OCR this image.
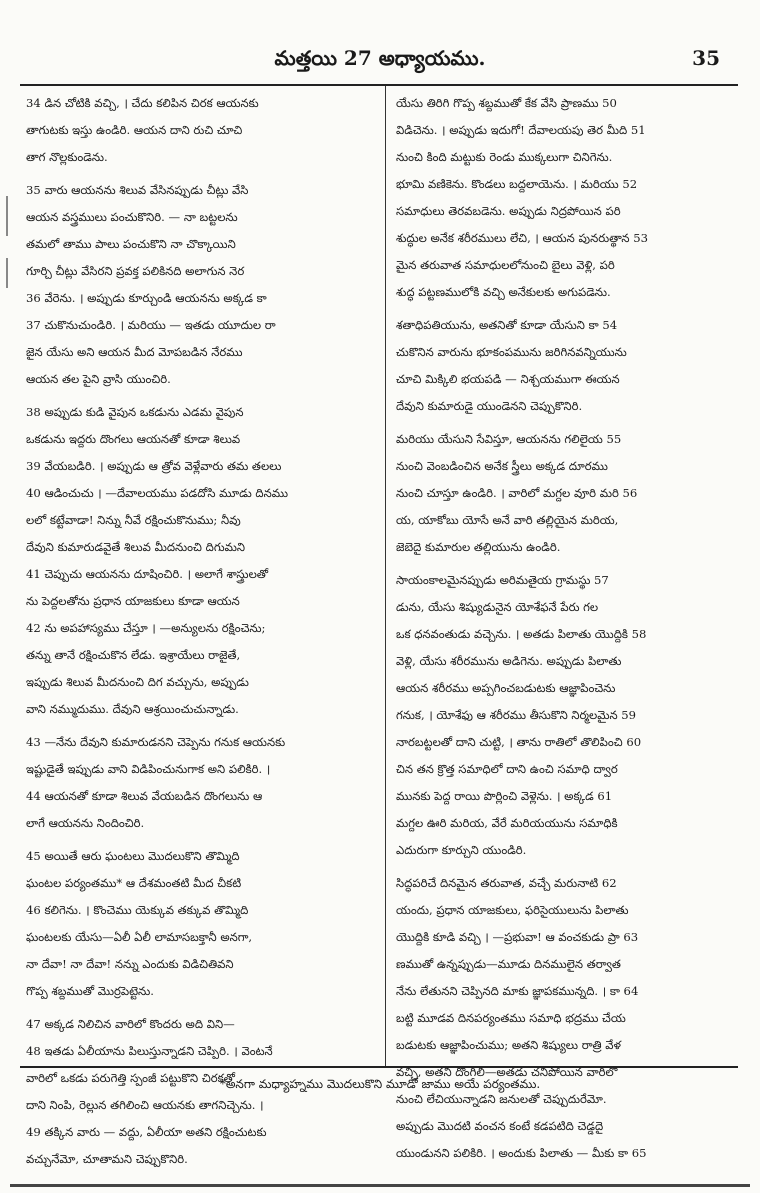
మత్తయి 27 అధ్యాయము.	35
34 డిన చోటికి వచ్చి, । చేదు కలిపిన చిరక ఆయనకు
తాగుటకు ఇస్తు ఉండిరి. ఆయన దాని రుచి చూచి
తాగ నొల్లకుండెను.
35 వారు ఆయనను శిలువ వేసినప్పుడు చీట్లు వేసి
ఆయన వస్త్రములు పంచుకొనిరి. — నా బట్టలను
తమలో తాము పాలు పంచుకొని నా చొక్కాయిని
గూర్చి చీట్లు వేసిరని ప్రవక్త పలికినది అలాగున నెర
36 వేరెను. । అప్పుడు కూర్చుండి ఆయనను అక్కడ కా
37 చుకొనుచుండిరి. । మరియు — ఇతడు యూదుల రా
జైన యేసు అని ఆయన మీద మోపబడిన నేరము
ఆయన తల పైని వ్రాసి యుంచిరి.
38 అప్పుడు కుడి వైపున ఒకడును ఎడమ వైపున
ఒకడును ఇద్దరు దొంగలు ఆయనతో కూడా శిలువ
39 వేయబడిరి. । అప్పుడు ఆ త్రోవ వెళ్లేవారు తమ తలలు
40 ఆడించుచు । —దేవాలయము పడదోసి మూడు దినము
లలో కట్టేవాడా! నిన్ను నీవే రక్షించుకొనుము; నీవు
దేవుని కుమారుడవైతే శిలువ మీదనుంచి దిగుమని
41 చెప్పుచు ఆయనను దూషించిరి. । అలాగే శాస్త్రులతో
ను పెద్దలతోను ప్రధాన యాజకులు కూడా ఆయన
42 ను అపహాస్యము చేస్తూ । —అన్యులను రక్షించెను;
తన్ను తానే రక్షించుకొన లేడు. ఇశ్రాయేలు రాజైతే,
ఇప్పుడు శిలువ మీదనుంచి దిగ వచ్చును, అప్పుడు
వాని నమ్ముదుము. దేవుని ఆశ్రయించుచున్నాడు.
43 —నేను దేవుని కుమారుడనని చెప్పెను గనుక ఆయనకు
ఇష్టుడైతే ఇప్పుడు వాని విడిపించునుగాక అని పలికిరి. ।
44 ఆయనతో కూడా శిలువ వేయబడిన దొంగలును ఆ
లాగే ఆయనను నిందించిరి.
45 అయితే ఆరు ఘంటలు మొదలుకొని తొమ్మిది
ఘంటల పర్యంతము* ఆ దేశమంతటి మీద చీకటి
46 కలిగెను. । కొంచెము యెక్కువ తక్కువ తొమ్మిది
ఘంటలకు యేసు—ఏలీ ఏలీ లామాసబక్తానీ అనగా,
నా దేవా! నా దేవా! నన్ను ఎందుకు విడిచితివని
గొప్ప శబ్దముతో మొర్రపెట్టెను.
47 అక్కడ నిలిచిన వారిలో కొందరు అది విని—
48 ఇతడు ఏలీయాను పిలుస్తున్నాడని చెప్పిరి. । వెంటనే
వారిలో ఒకడు పరుగెత్తి స్పంజీ పట్టుకొని చిరకతో
దాని నింపి, రెల్లున తగిలించి ఆయనకు తాగనిచ్చెను. ।
49 తక్కిన వారు — వద్దు, ఏలీయా అతని రక్షించుటకు
వచ్చునేమో, చూతామని చెప్పుకొనిరి.
యేసు తిరిగి గొప్ప శబ్దముతో కేక వేసి ప్రాణము 50
విడిచెను. । అప్పుడు ఇదుగో! దేవాలయపు తెర మీది 51
నుంచి కింది మట్టుకు రెండు ముక్కలుగా చినిగెను.
భూమి వణికెను. కొండలు బద్దలాయెను. । మరియు 52
సమాధులు తెరవబడెను. అప్పుడు నిద్రపోయిన పరి
శుద్ధుల అనేక శరీరములు లేచి, । ఆయన పునరుత్థాన 53
మైన తరువాత సమాధులలోనుంచి బైలు వెళ్లి, పరి
శుద్ధ పట్టణములోకి వచ్చి అనేకులకు అగుపడెను.
శతాధిపతియును, అతనితో కూడా యేసుని కా 54
చుకొనిన వారును భూకంపమును జరిగినవన్నియును
చూచి మిక్కిలి భయపడి — నిశ్చయముగా ఈయన
దేవుని కుమారుడై యుండెనని చెప్పుకొనిరి.
మరియు యేసుని సేవిస్తూ, ఆయనను గలిలైయ 55
నుంచి వెంబడించిన అనేక స్త్రీలు అక్కడ దూరము
నుంచి చూస్తూ ఉండిరి. । వారిలో మగ్దల వూరి మరి 56
య, యాకోబు యోసే అనే వారి తల్లియైన మరియ,
జెబెదై కుమారుల తల్లియును ఉండిరి.
సాయంకాలమైనప్పుడు అరిమతైయ గ్రామస్థు 57
డును, యేసు శిష్యుడునైన యోశేఫనే పేరు గల
ఒక ధనవంతుడు వచ్చెను. । అతడు పిలాతు యొద్దికి 58
వెళ్లి, యేసు శరీరమును అడిగెను. అప్పుడు పిలాతు
ఆయన శరీరము అప్పగించబడుటకు ఆజ్ఞాపించెను
గనుక, । యోశేఫు ఆ శరీరము తీసుకొని నిర్మలమైన 59
నారబట్టలతో దాని చుట్టి, । తాను రాతిలో తొలిపించి 60
చిన తన క్రొత్త సమాధిలో దాని ఉంచి సమాధి ద్వార
మునకు పెద్ద రాయి పొర్లించి వెళ్లెను. । అక్కడ 61
మగ్దల ఊరి మరియ, వేరే మరియయును సమాధికి
ఎదురుగా కూర్చుని యుండిరి.
సిద్ధపరిచే దినమైన తరువాత, వచ్చే మరునాటి 62
యందు, ప్రధాన యాజకులు, ఫరిసైయులును పిలాతు
యొద్దికి కూడి వచ్చి । —ప్రభువా! ఆ వంచకుడు ప్రా 63
ణముతో ఉన్నప్పుడు—మూడు దినములైన తర్వాత
నేను లేతునని చెప్పినది మాకు జ్ఞాపకమున్నది. । కా 64
బట్టి మూడవ దినపర్యంతము సమాధి భద్రము చేయ
బడుటకు ఆజ్ఞాపించుము; అతని శిష్యులు రాత్రి వేళ
వచ్చి, అతని దొంగిలి—అతడు చనిపోయిన వారిలో
నుంచి లేచియున్నాడని జనులతో చెప్పుదురేమో.
అప్పుడు మొదటి వంచన కంటే కడపటిది చెడ్డదై
యుండునని పలికిరి. । అందుకు పిలాతు — మీకు కా 65
*అనగా మధ్యాహ్నము మొదలుకొని మూడో జాము అయే పర్యంతము.
